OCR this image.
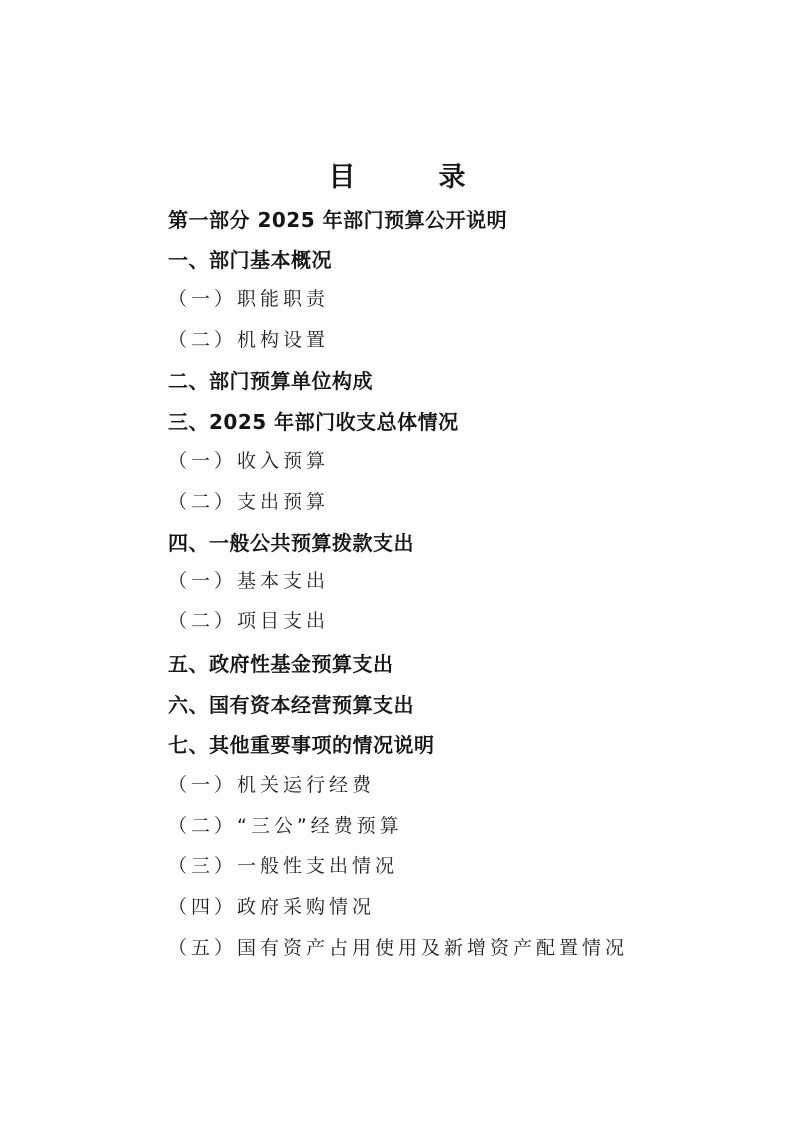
目　录
第一部分 2025 年部门预算公开说明
一、部门基本概况
（一）职能职责
（二）机构设置
二、部门预算单位构成
三、2025 年部门收支总体情况
（一）收入预算
（二）支出预算
四、一般公共预算拨款支出
（一）基本支出
（二）项目支出
五、政府性基金预算支出
六、国有资本经营预算支出
七、其他重要事项的情况说明
（一）机关运行经费
（二）“三公”经费预算
（三）一般性支出情况
（四）政府采购情况
（五）国有资产占用使用及新增资产配置情况
